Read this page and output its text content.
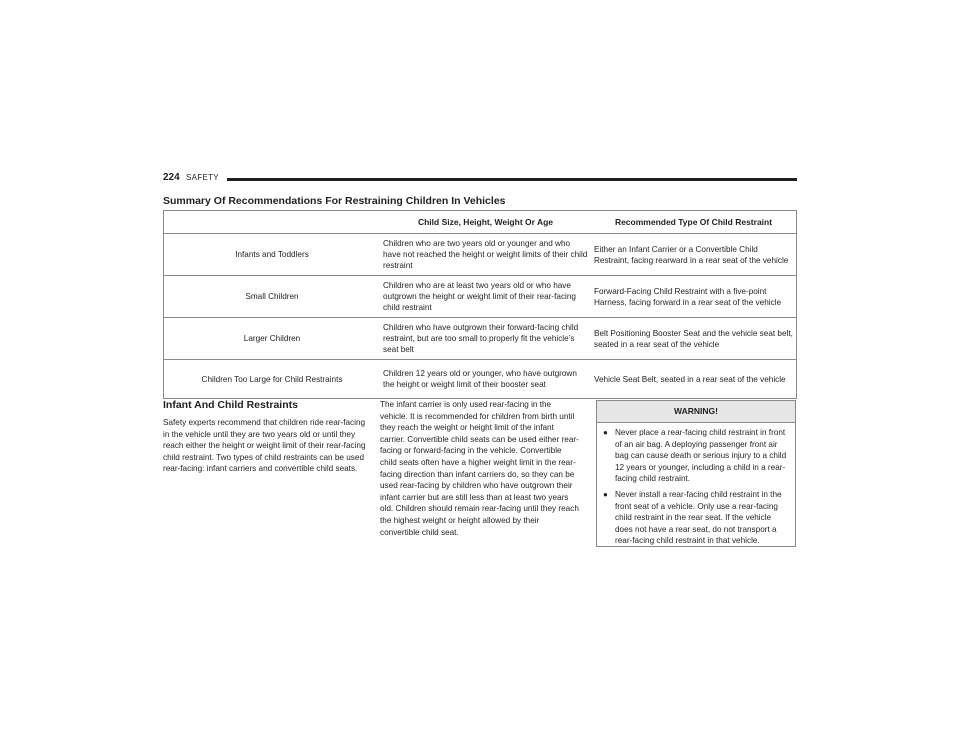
224 SAFETY
Summary Of Recommendations For Restraining Children In Vehicles
	Child Size, Height, Weight Or Age	Recommended Type Of Child Restraint
Infants and Toddlers	Children who are two years old or younger and who have not reached the height or weight limits of their child restraint	Either an Infant Carrier or a Convertible Child Restraint, facing rearward in a rear seat of the vehicle
Small Children	Children who are at least two years old or who have outgrown the height or weight limit of their rear-facing child restraint	Forward-Facing Child Restraint with a five-point Harness, facing forward in a rear seat of the vehicle
Larger Children	Children who have outgrown their forward-facing child restraint, but are too small to properly fit the vehicle’s seat belt	Belt Positioning Booster Seat and the vehicle seat belt, seated in a rear seat of the vehicle
Children Too Large for Child Restraints	Children 12 years old or younger, who have outgrown the height or weight limit of their booster seat	Vehicle Seat Belt, seated in a rear seat of the vehicle
Infant And Child Restraints
Safety experts recommend that children ride rear-facing in the vehicle until they are two years old or until they reach either the height or weight limit of their rear-facing child restraint. Two types of child restraints can be used rear-facing: infant carriers and convertible child seats.
The infant carrier is only used rear-facing in the vehicle. It is recommended for children from birth until they reach the weight or height limit of the infant carrier. Convertible child seats can be used either rear-facing or forward-facing in the vehicle. Convertible child seats often have a higher weight limit in the rear-facing direction than infant carriers do, so they can be used rear-facing by children who have outgrown their infant carrier but are still less than at least two years old. Children should remain rear-facing until they reach the highest weight or height allowed by their convertible child seat.
WARNING!
● Never place a rear-facing child restraint in front of an air bag. A deploying passenger front air bag can cause death or serious injury to a child 12 years or younger, including a child in a rear-facing child restraint.
● Never install a rear-facing child restraint in the front seat of a vehicle. Only use a rear-facing child restraint in the rear seat. If the vehicle does not have a rear seat, do not transport a rear-facing child restraint in that vehicle.
